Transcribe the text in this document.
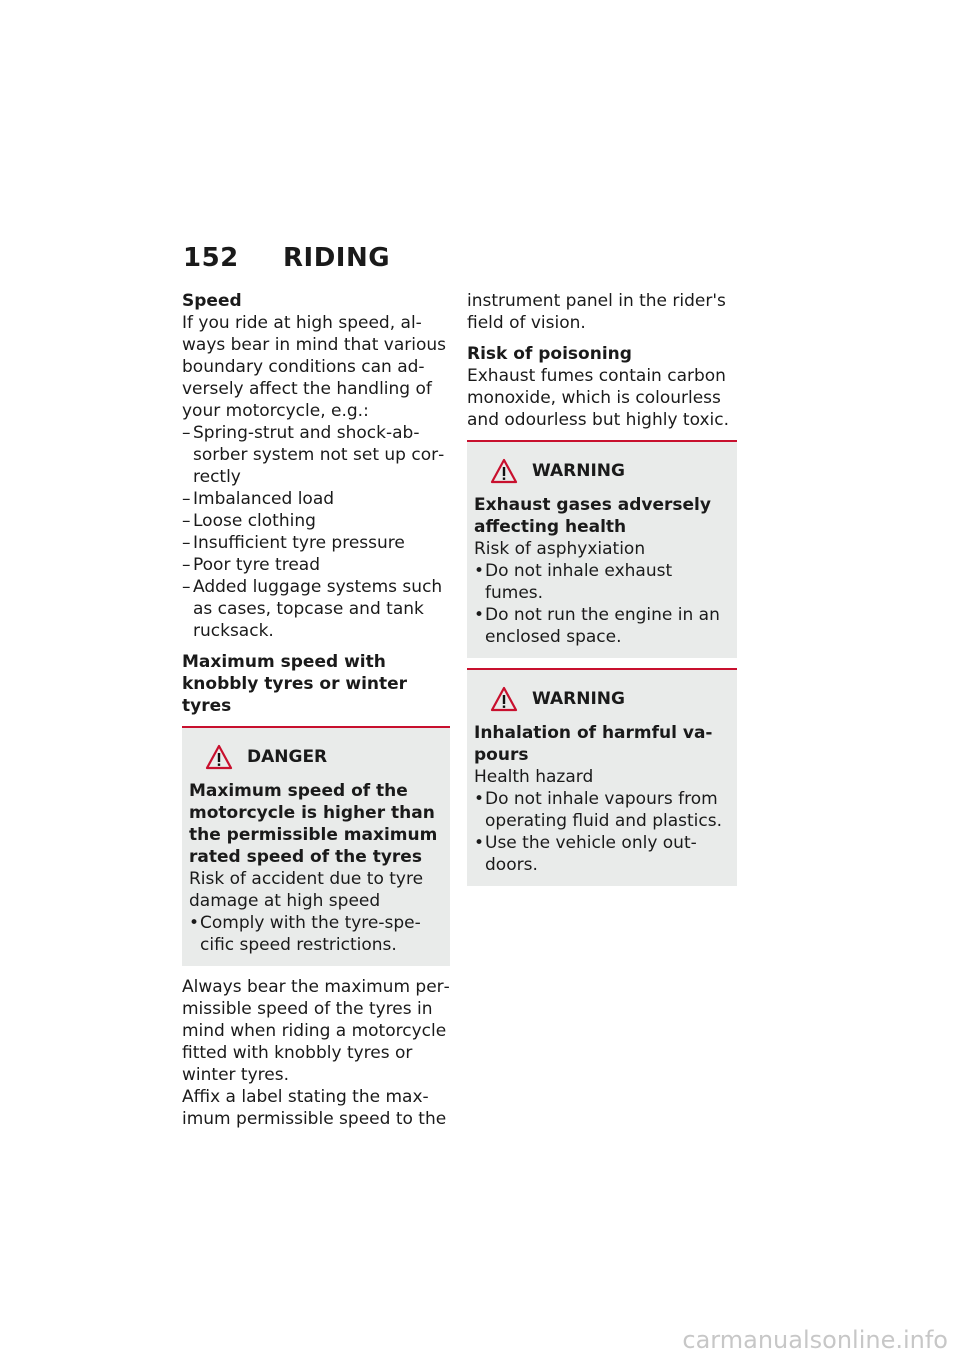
152 RIDING

Speed

If you ride at high speed, always bear in mind that various boundary conditions can adversely affect the handling of your motorcycle, e.g.:

– Spring-strut and shock-absorber system not set up correctly
– Imbalanced load
– Loose clothing
– Insufficient tyre pressure
– Poor tyre tread
– Added luggage systems such as cases, topcase and tank rucksack.

Maximum speed with knobbly tyres or winter tyres

DANGER

Maximum speed of the motorcycle is higher than the permissible maximum rated speed of the tyres

Risk of accident due to tyre damage at high speed

• Comply with the tyre-specific speed restrictions.

Always bear the maximum permissible speed of the tyres in mind when riding a motorcycle fitted with knobbly tyres or winter tyres.

Affix a label stating the maximum permissible speed to the

instrument panel in the rider's field of vision.

Risk of poisoning

Exhaust fumes contain carbon monoxide, which is colourless and odourless but highly toxic.

WARNING

Exhaust gases adversely affecting health

Risk of asphyxiation

• Do not inhale exhaust fumes.
• Do not run the engine in an enclosed space.
WARNING

Inhalation of harmful vapours

Health hazard

• Do not inhale vapours from operating fluid and plastics.
• Use the vehicle only outdoors.
carmanualsonline.info
